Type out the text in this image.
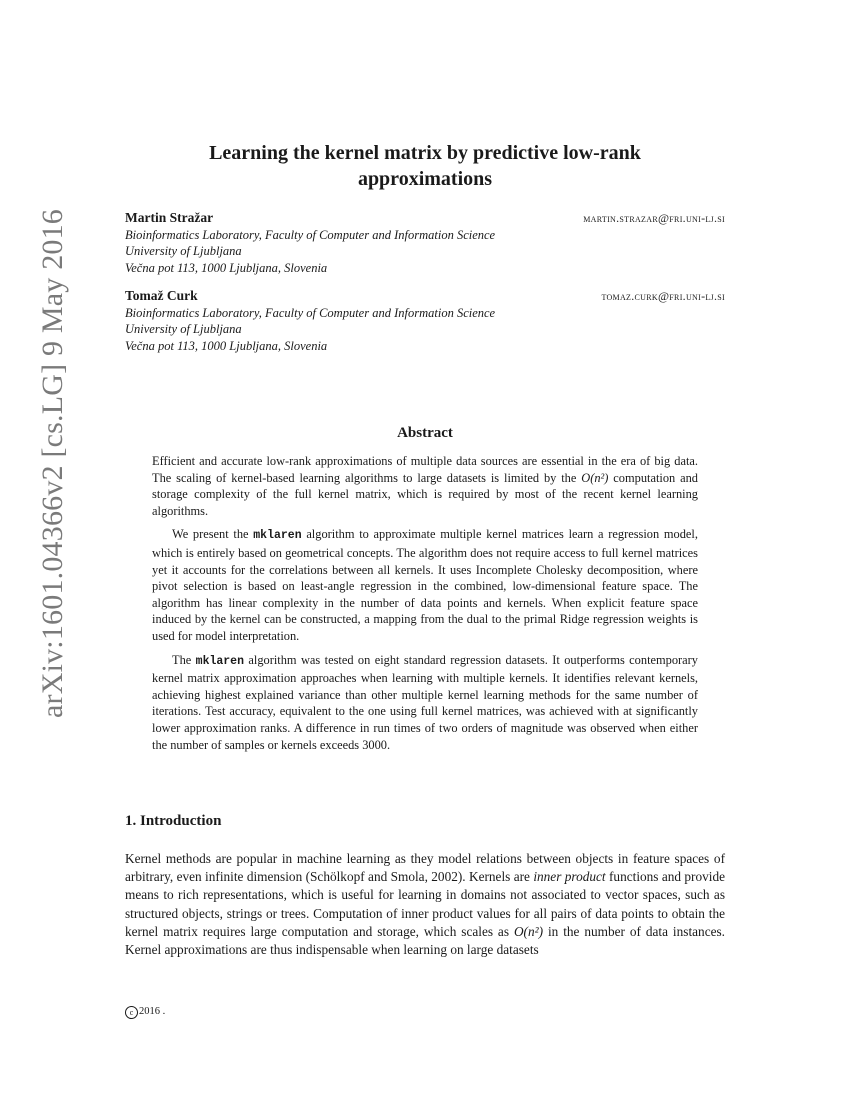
arXiv:1601.04366v2 [cs.LG] 9 May 2016
Learning the kernel matrix by predictive low-rank
approximations
Martin Stražar	martin.strazar@fri.uni-lj.si
Bioinformatics Laboratory, Faculty of Computer and Information Science
University of Ljubljana
Večna pot 113, 1000 Ljubljana, Slovenia
Tomaž Curk	tomaz.curk@fri.uni-lj.si
Bioinformatics Laboratory, Faculty of Computer and Information Science
University of Ljubljana
Večna pot 113, 1000 Ljubljana, Slovenia
Abstract

Efficient and accurate low-rank approximations of multiple data sources are essential in the era of big data. The scaling of kernel-based learning algorithms to large datasets is limited by the O(n²) computation and storage complexity of the full kernel matrix, which is required by most of the recent kernel learning algorithms.

We present the mklaren algorithm to approximate multiple kernel matrices learn a regression model, which is entirely based on geometrical concepts. The algorithm does not require access to full kernel matrices yet it accounts for the correlations between all kernels. It uses Incomplete Cholesky decomposition, where pivot selection is based on least-angle regression in the combined, low-dimensional feature space. The algorithm has linear complexity in the number of data points and kernels. When explicit feature space induced by the kernel can be constructed, a mapping from the dual to the primal Ridge regression weights is used for model interpretation.

The mklaren algorithm was tested on eight standard regression datasets. It outperforms contemporary kernel matrix approximation approaches when learning with multiple kernels. It identifies relevant kernels, achieving highest explained variance than other multiple kernel learning methods for the same number of iterations. Test accuracy, equivalent to the one using full kernel matrices, was achieved with at significantly lower approximation ranks. A difference in run times of two orders of magnitude was observed when either the number of samples or kernels exceeds 3000.

1. Introduction

Kernel methods are popular in machine learning as they model relations between objects in feature spaces of arbitrary, even infinite dimension (Schölkopf and Smola, 2002). Kernels are inner product functions and provide means to rich representations, which is useful for learning in domains not associated to vector spaces, such as structured objects, strings or trees. Computation of inner product values for all pairs of data points to obtain the kernel matrix requires large computation and storage, which scales as O(n²) in the number of data instances. Kernel approximations are thus indispensable when learning on large datasets

c 2016 .
